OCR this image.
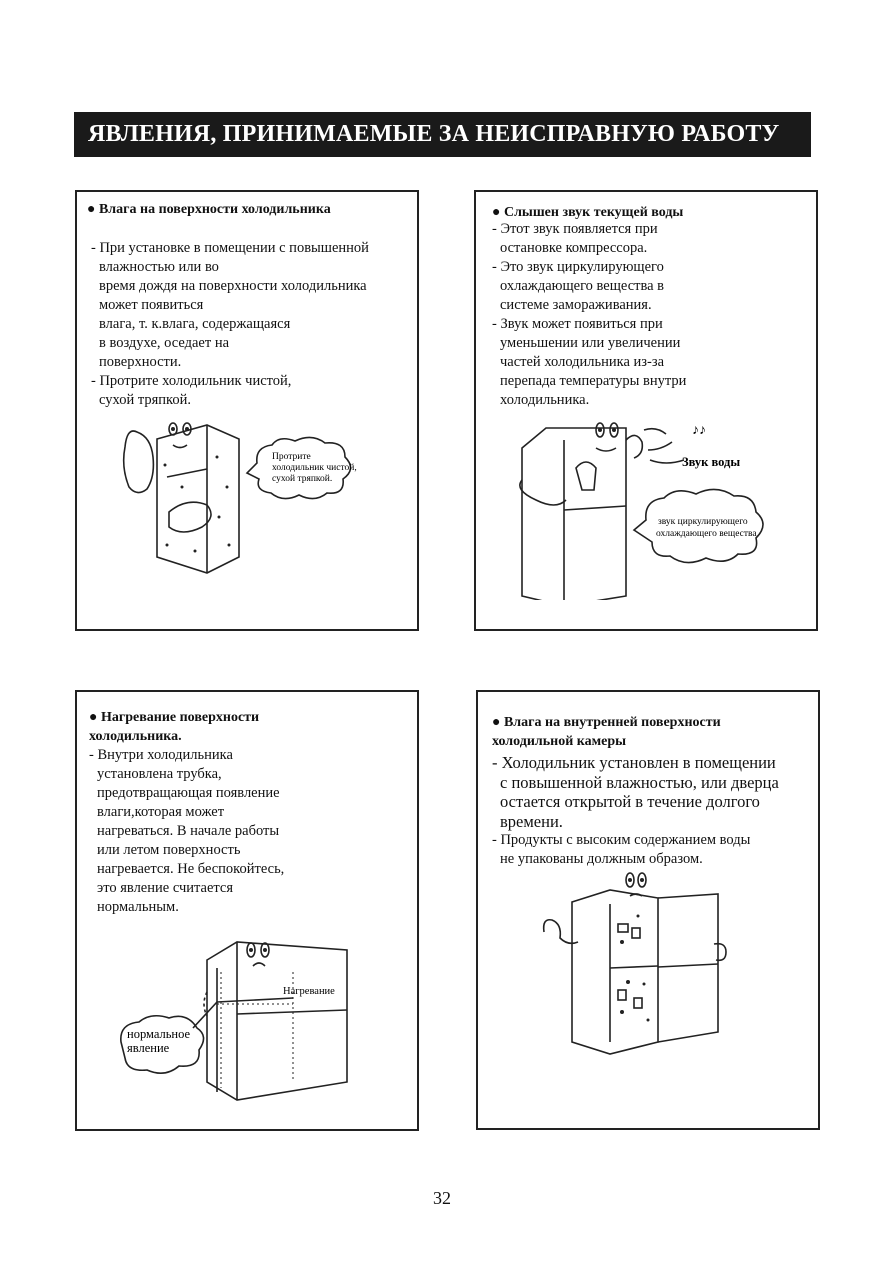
ЯВЛЕНИЯ, ПРИНИМАЕМЫЕ ЗА НЕИСПРАВНУЮ РАБОТУ
● Влага на поверхности холодильника

- При установке в помещении с повышенной

влажностью или во

время дождя на поверхности холодильника

может появиться

влага, т. к.влага, содержащаяся

в воздухе, оседает на

поверхности.

- Протрите холодильник чистой,

сухой тряпкой.

Протрите
холодильник чистой,
сухой тряпкой.
● Слышен звук текущей воды

- Этот звук появляется при

остановке компрессора.

- Это звук циркулирующего

охлаждающего вещества в

системе замораживания.

- Звук может появиться при

уменьшении или увеличении

частей холодильника из-за

перепада температуры внутри

холодильника.

♪♪
Звук воды
звук циркулирующего
охлаждающего вещества

● Нагревание поверхности

холодильника.

- Внутри холодильника

установлена трубка,

предотвращающая появление

влаги,которая может

нагреваться. В начале работы

или летом поверхность

нагревается. Не беспокойтесь,

это явление считается

нормальным.

Нагревание
нормальное
явление

● Влага на внутренней поверхности

холодильной камеры

- Холодильник установлен в помещении

с повышенной влажностью, или дверца

остается открытой в течение долгого

времени.

- Продукты с высоким содержанием воды

не упакованы должным образом.

32
